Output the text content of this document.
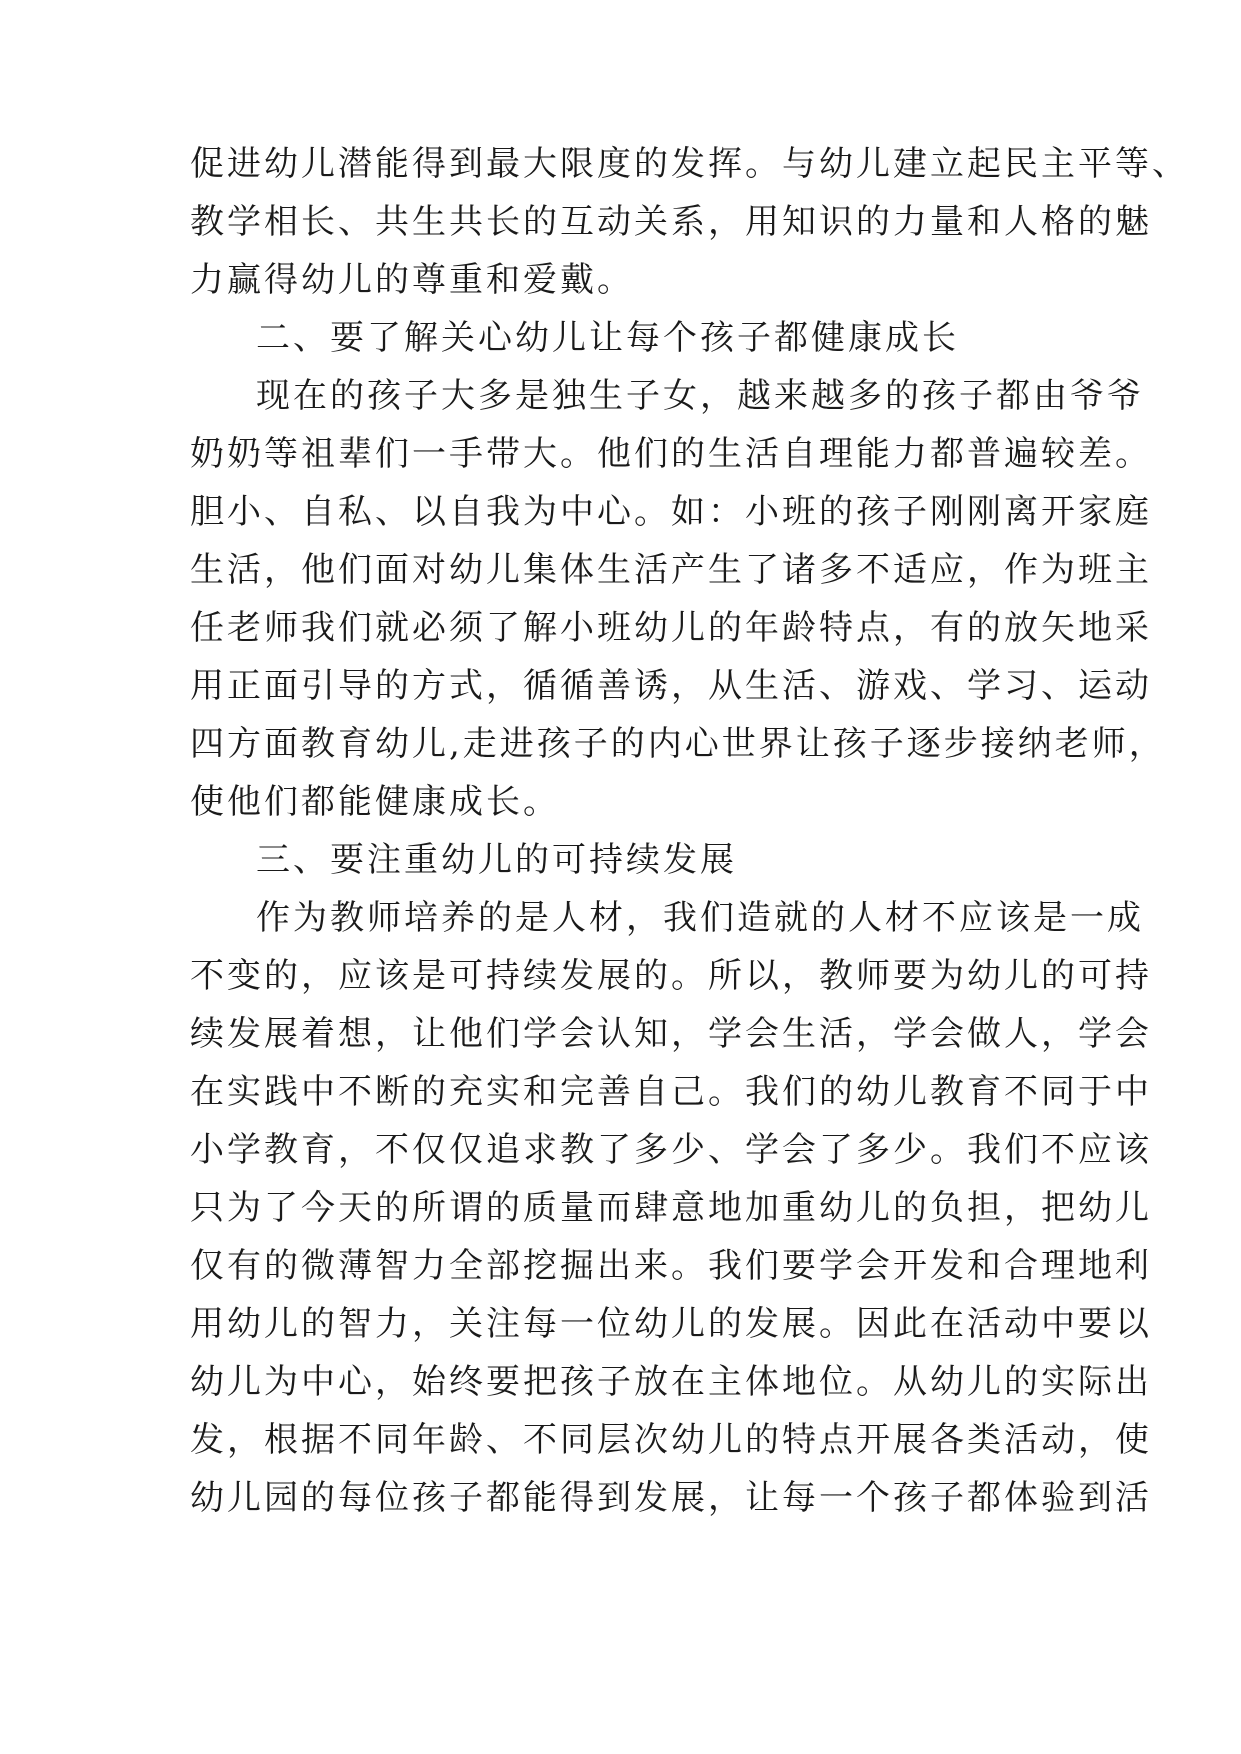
促进幼儿潜能得到最大限度的发挥。与幼儿建立起民主平等、
教学相长、共生共长的互动关系，用知识的力量和人格的魅
力赢得幼儿的尊重和爱戴。
二、要了解关心幼儿让每个孩子都健康成长
现在的孩子大多是独生子女，越来越多的孩子都由爷爷
奶奶等祖辈们一手带大。他们的生活自理能力都普遍较差。
胆小、自私、以自我为中心。如：小班的孩子刚刚离开家庭
生活，他们面对幼儿集体生活产生了诸多不适应，作为班主
任老师我们就必须了解小班幼儿的年龄特点，有的放矢地采
用正面引导的方式，循循善诱，从生活、游戏、学习、运动
四方面教育幼儿,走进孩子的内心世界让孩子逐步接纳老师，
使他们都能健康成长。
三、要注重幼儿的可持续发展
作为教师培养的是人材，我们造就的人材不应该是一成
不变的，应该是可持续发展的。所以，教师要为幼儿的可持
续发展着想，让他们学会认知，学会生活，学会做人，学会
在实践中不断的充实和完善自己。我们的幼儿教育不同于中
小学教育，不仅仅追求教了多少、学会了多少。我们不应该
只为了今天的所谓的质量而肆意地加重幼儿的负担，把幼儿
仅有的微薄智力全部挖掘出来。我们要学会开发和合理地利
用幼儿的智力，关注每一位幼儿的发展。因此在活动中要以
幼儿为中心，始终要把孩子放在主体地位。从幼儿的实际出
发，根据不同年龄、不同层次幼儿的特点开展各类活动，使
幼儿园的每位孩子都能得到发展，让每一个孩子都体验到活
